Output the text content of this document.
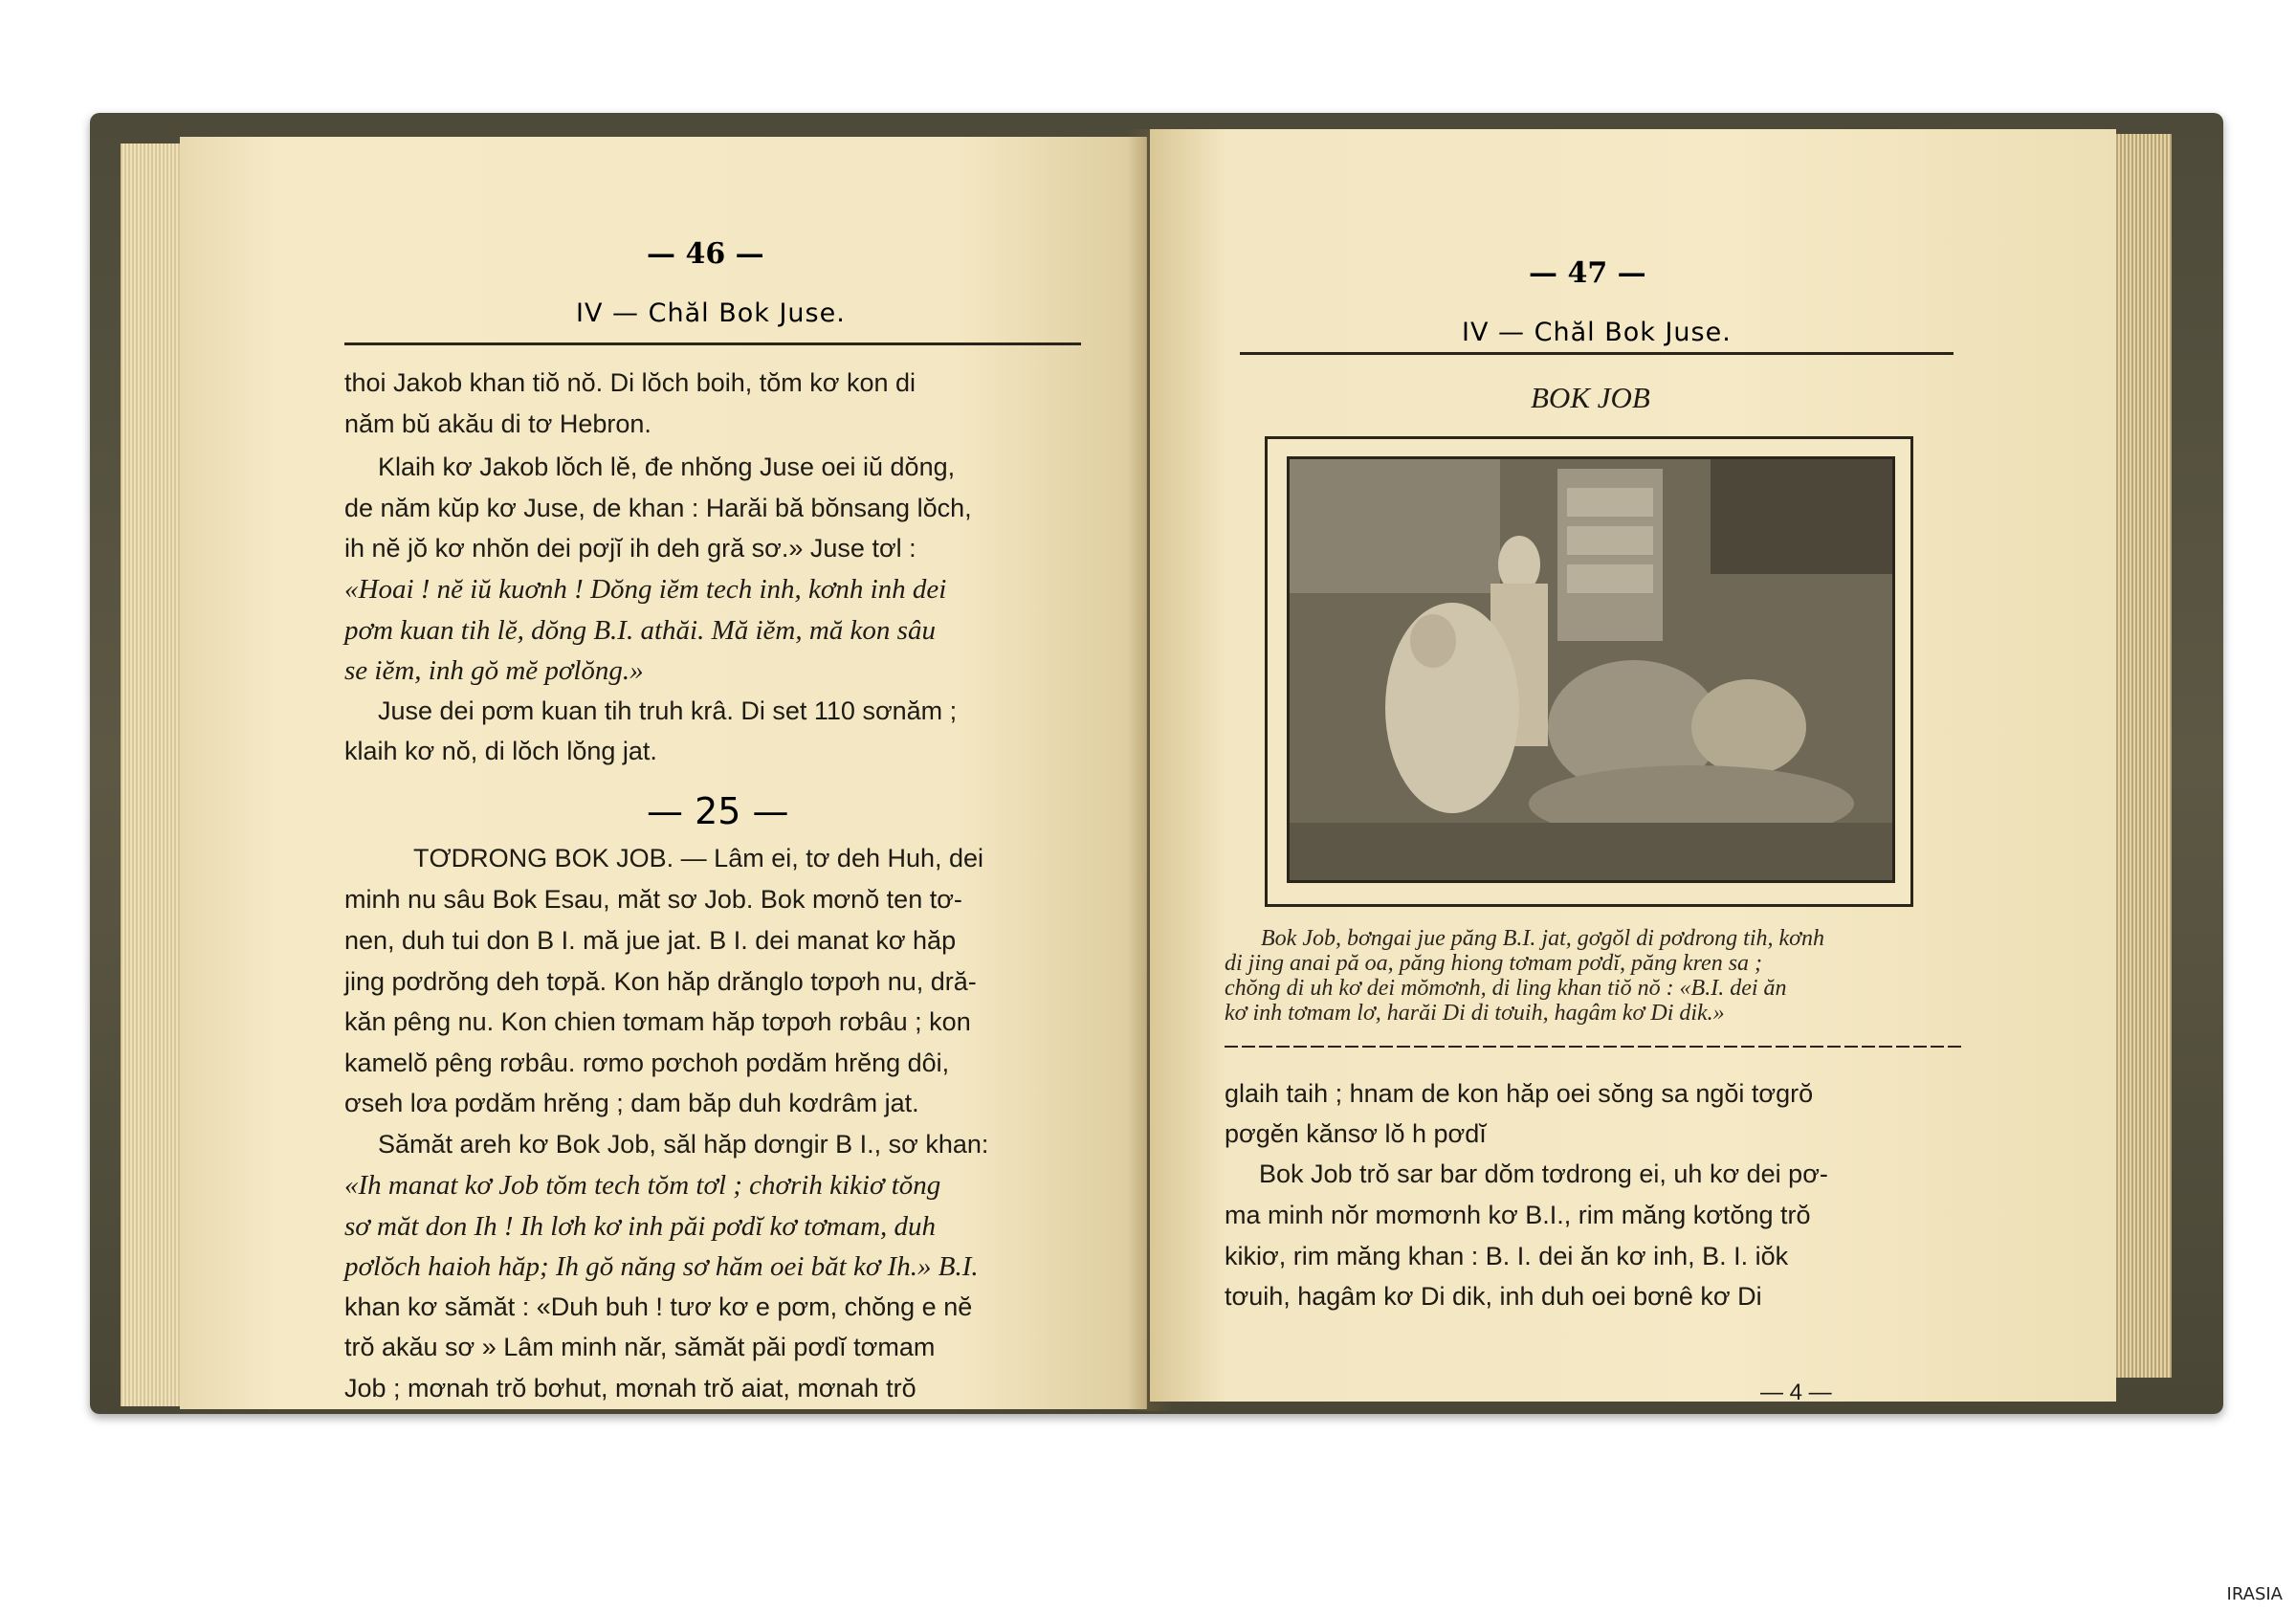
— 46 —
IV — Chăl Bok Juse.
thoi Jakob khan tiŏ nŏ. Di lŏch boih, tŏm kơ kon di
năm bŭ akău di tơ Hebron.
Klaih kơ Jakob lŏch lĕ, đe nhŏng Juse oei iŭ dŏng,
de năm kŭp kơ Juse, de khan : Harăi bă bŏnsang lŏch,
ih nĕ jŏ kơ nhŏn dei pơjĭ ih deh gră sơ.» Juse tơl :
«Hoai ! nĕ iŭ kuơnh ! Dŏng iĕm tech inh, kơnh inh dei
pơm kuan tih lĕ, dŏng B.I. athăi. Mă iĕm, mă kon sâu
se iĕm, inh gŏ mĕ pơlŏng.»
Juse dei pơm kuan tih truh krâ. Di set 110 sơnăm ;
klaih kơ nŏ, di lŏch lŏng jat.
— 25 —
TƠDRONG BOK JOB. — Lâm ei, tơ deh Huh, dei
minh nu sâu Bok Esau, măt sơ Job. Bok mơnŏ ten tơ-
nen, duh tui don B I. mă jue jat. B I. dei manat kơ hăp
jing pơdrŏng deh tơpă. Kon hăp drănglo tơpơh nu, dră-
kăn pêng nu. Kon chien tơmam hăp tơpơh rơbâu ; kon
kamelŏ pêng rơbâu. rơmo pơchoh pơdăm hrĕng dôi,
ơseh lơa pơdăm hrĕng ; dam băp duh kơdrâm jat.
Sămăt areh kơ Bok Job, săl hăp dơngir B I., sơ khan:
«Ih manat kơ Job tŏm tech tŏm tơl ; chơrih kikiơ tŏng
sơ măt don Ih ! Ih lơh kơ inh păi pơdĭ kơ tơmam, duh
pơlŏch haioh hăp; Ih gŏ năng sơ hăm oei băt kơ Ih.» B.I.
khan kơ sămăt : «Duh buh ! tươ kơ e pơm, chŏng e nĕ
trŏ akău sơ » Lâm minh năr, sămăt păi pơdĭ tơmam
Job ; mơnah trŏ bơhut, mơnah trŏ aiat, mơnah trŏ
— 47 —
IV — Chăl Bok Juse.
BOK JOB
Bok Job, bơngai jue păng B.I. jat, gơgŏl di pơdrong tih, kơnh
di jing anai pă oa, păng hiong tơmam pơdĭ, păng kren sa ;
chŏng di uh kơ dei mŏmơnh, di ling khan tiŏ nŏ : «B.I. dei ăn
kơ inh tơmam lơ, harăi Di di tơuih, hagâm kơ Di dik.»
glaih taih ; hnam de kon hăp oei sŏng sa ngŏi tơgrŏ
pơgĕn kănsơ lŏ h pơdĭ
Bok Job trŏ sar bar dŏm tơdrong ei, uh kơ dei pơ-
ma minh nŏr mơmơnh kơ B.I., rim măng kơtŏng trŏ
kikiơ, rim măng khan : B. I. dei ăn kơ inh, B. I. iŏk
tơuih, hagâm kơ Di dik, inh duh oei bơnê kơ Di
— 4 —
IRASIA
